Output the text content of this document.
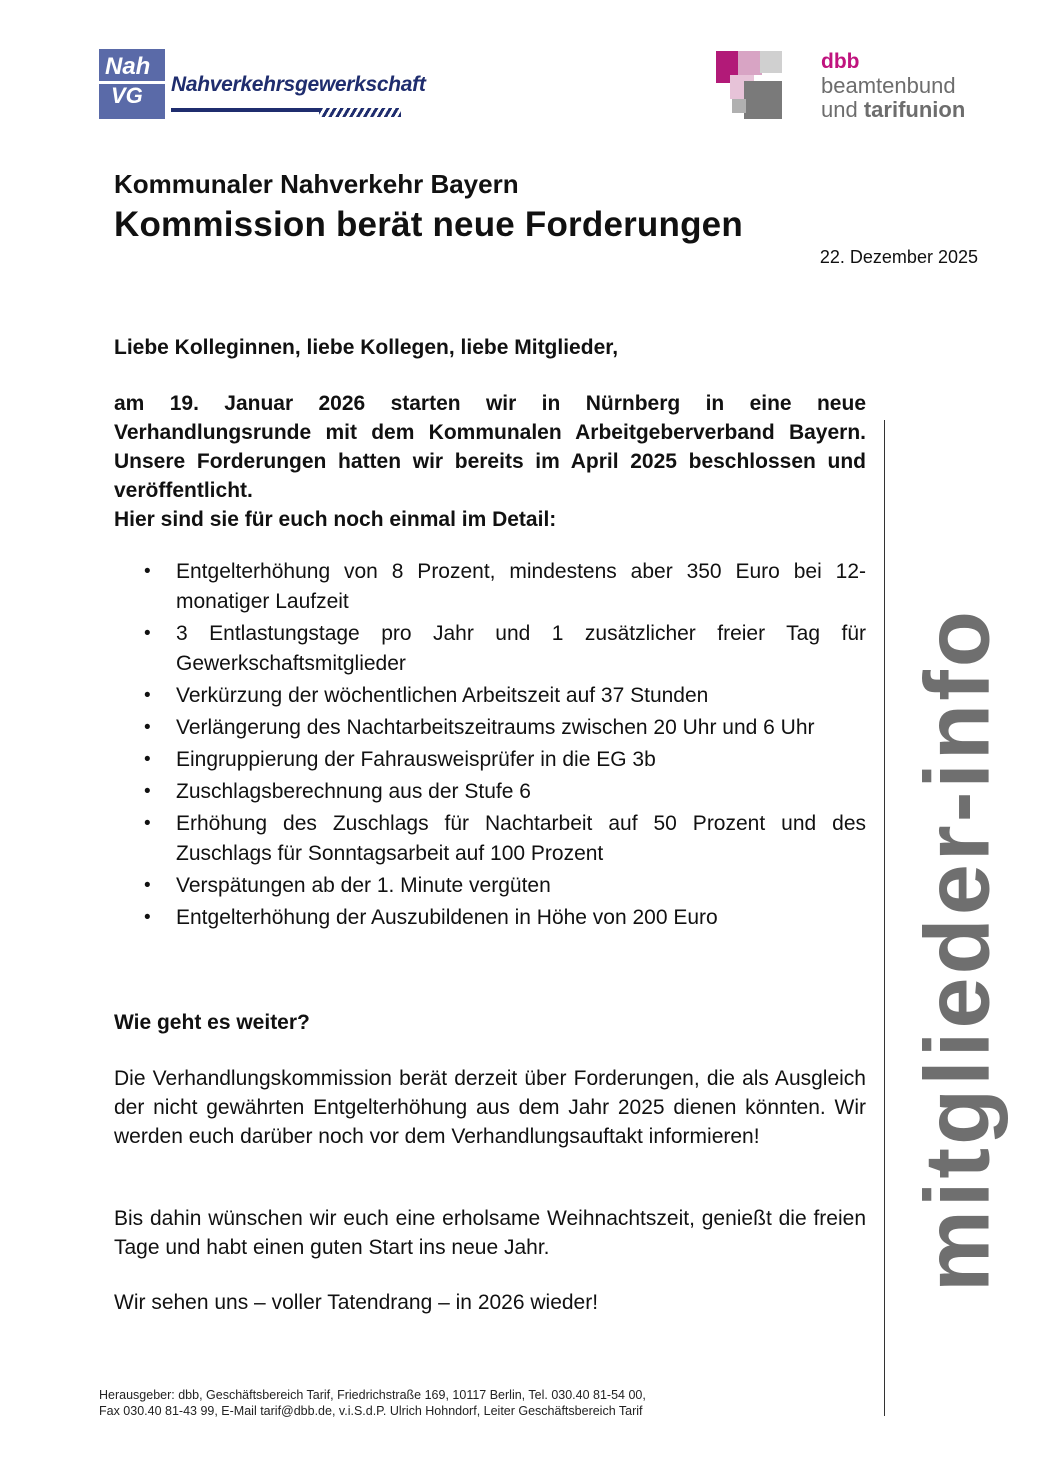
Nah
VG Nahverkehrsgewerkschaft
dbb
beamtenbund
und tarifunion
Kommunaler Nahverkehr Bayern
Kommission berät neue Forderungen
22. Dezember 2025
Liebe Kolleginnen, liebe Kollegen, liebe Mitglieder,
am 19. Januar 2026 starten wir in Nürnberg in eine neue Verhandlungsrunde mit dem Kommunalen Arbeitgeberverband Bayern. Unsere Forderungen hatten wir bereits im April 2025 beschlossen und veröffentlicht.
Hier sind sie für euch noch einmal im Detail:
• Entgelterhöhung von 8 Prozent, mindestens aber 350 Euro bei 12-monatiger Laufzeit
• 3 Entlastungstage pro Jahr und 1 zusätzlicher freier Tag für Gewerkschaftsmitglieder
• Verkürzung der wöchentlichen Arbeitszeit auf 37 Stunden
• Verlängerung des Nachtarbeitszeitraums zwischen 20 Uhr und 6 Uhr
• Eingruppierung der Fahrausweisprüfer in die EG 3b
• Zuschlagsberechnung aus der Stufe 6
• Erhöhung des Zuschlags für Nachtarbeit auf 50 Prozent und des Zuschlags für Sonntagsarbeit auf 100 Prozent
• Verspätungen ab der 1. Minute vergüten
• Entgelterhöhung der Auszubildenen in Höhe von 200 Euro
Wie geht es weiter?
Die Verhandlungskommission berät derzeit über Forderungen, die als Ausgleich der nicht gewährten Entgelterhöhung aus dem Jahr 2025 dienen könnten. Wir werden euch darüber noch vor dem Verhandlungsauftakt informieren!
Bis dahin wünschen wir euch eine erholsame Weihnachtszeit, genießt die freien Tage und habt einen guten Start ins neue Jahr.
Wir sehen uns – voller Tatendrang – in 2026 wieder!
mitglieder-info
Herausgeber: dbb, Geschäftsbereich Tarif, Friedrichstraße 169, 10117 Berlin, Tel. 030.40 81-54 00,
Fax 030.40 81-43 99, E-Mail tarif@dbb.de, v.i.S.d.P. Ulrich Hohndorf, Leiter Geschäftsbereich Tarif
